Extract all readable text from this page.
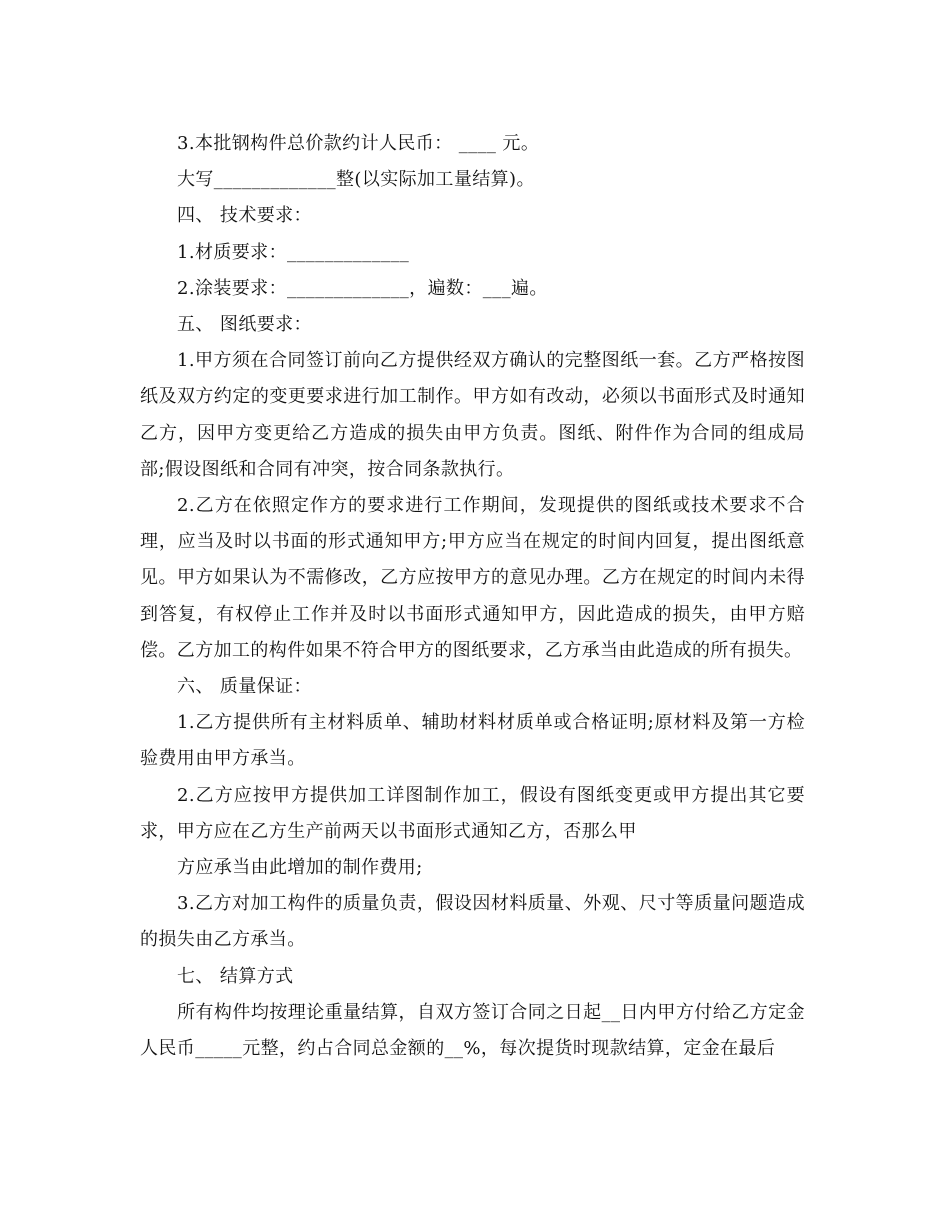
3.本批钢构件总价款约计人民币： ____ 元。
大写_____________整(以实际加工量结算)。
四、 技术要求：
1.材质要求：_____________
2.涂装要求：_____________，遍数：___遍。
五、 图纸要求：
1.甲方须在合同签订前向乙方提供经双方确认的完整图纸一套。乙方严格按图纸及双方约定的变更要求进行加工制作。甲方如有改动，必须以书面形式及时通知乙方，因甲方变更给乙方造成的损失由甲方负责。图纸、附件作为合同的组成局部;假设图纸和合同有冲突，按合同条款执行。
2.乙方在依照定作方的要求进行工作期间，发现提供的图纸或技术要求不合理，应当及时以书面的形式通知甲方;甲方应当在规定的时间内回复，提出图纸意见。甲方如果认为不需修改，乙方应按甲方的意见办理。乙方在规定的时间内未得到答复，有权停止工作并及时以书面形式通知甲方，因此造成的损失，由甲方赔偿。乙方加工的构件如果不符合甲方的图纸要求，乙方承当由此造成的所有损失。
六、 质量保证：
1.乙方提供所有主材料质单、辅助材料材质单或合格证明;原材料及第一方检验费用由甲方承当。
2.乙方应按甲方提供加工详图制作加工，假设有图纸变更或甲方提出其它要求，甲方应在乙方生产前两天以书面形式通知乙方，否那么甲
方应承当由此增加的制作费用;
3.乙方对加工构件的质量负责，假设因材料质量、外观、尺寸等质量问题造成的损失由乙方承当。
七、 结算方式
所有构件均按理论重量结算，自双方签订合同之日起__日内甲方付给乙方定金人民币_____元整，约占合同总金额的__%，每次提货时现款结算，定金在最后
